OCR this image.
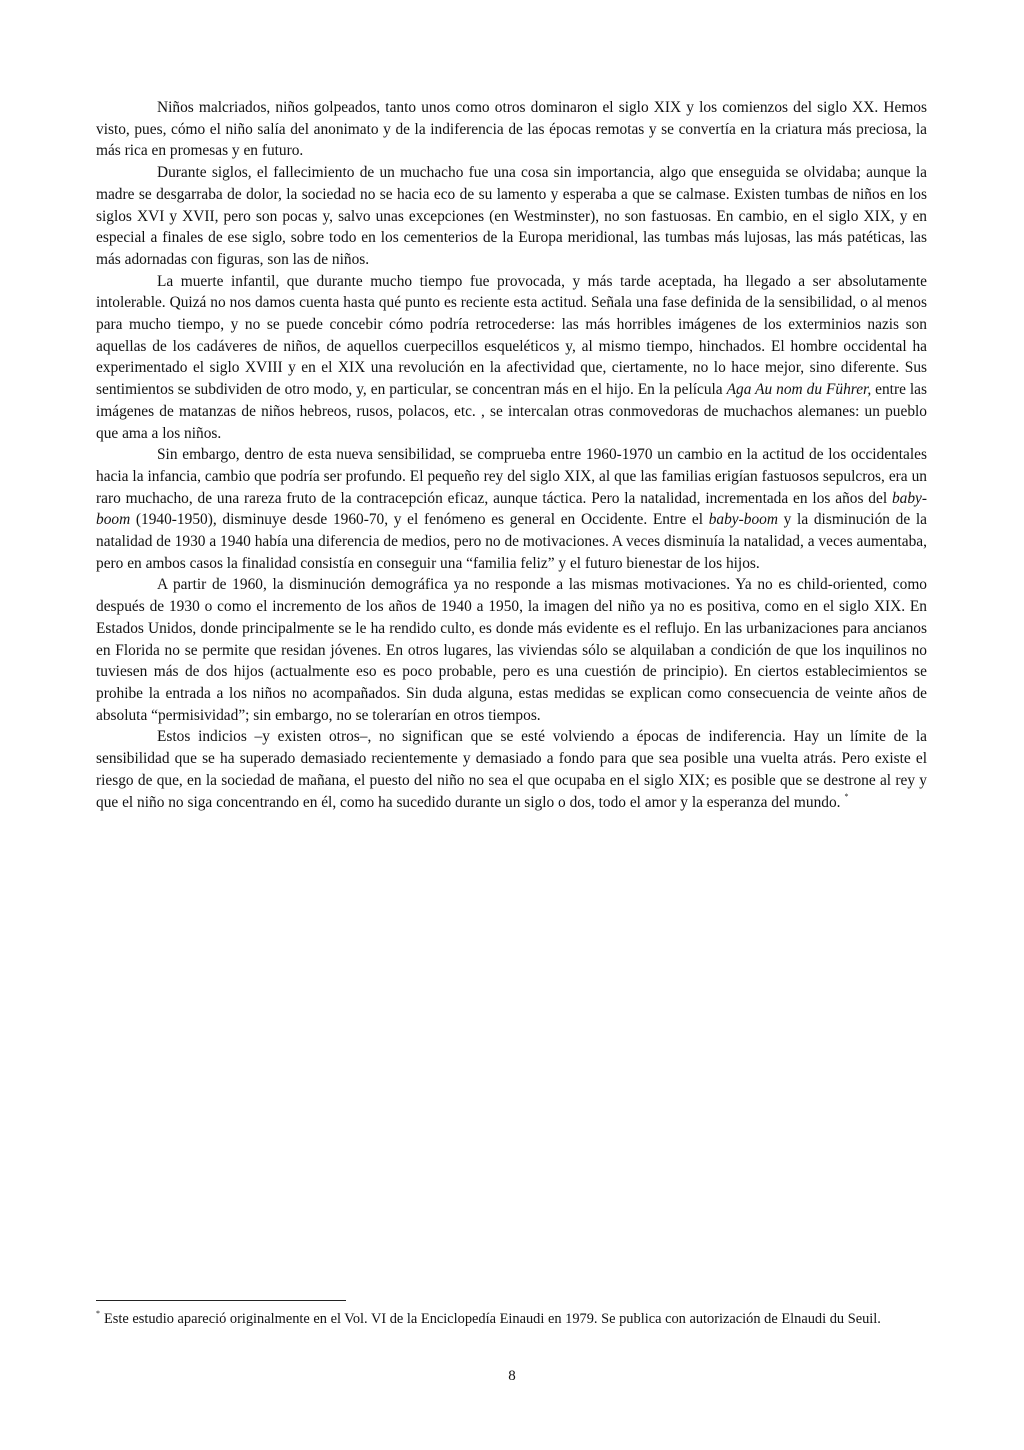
Niños malcriados, niños golpeados, tanto unos como otros dominaron el siglo XIX y los comienzos del siglo XX. Hemos visto, pues, cómo el niño salía del anonimato y de la indiferencia de las épocas remotas y se convertía en la criatura más preciosa, la más rica en promesas y en futuro.

Durante siglos, el fallecimiento de un muchacho fue una cosa sin importancia, algo que enseguida se olvidaba; aunque la madre se desgarraba de dolor, la sociedad no se hacia eco de su lamento y esperaba a que se calmase. Existen tumbas de niños en los siglos XVI y XVII, pero son pocas y, salvo unas excepciones (en Westminster), no son fastuosas. En cambio, en el siglo XIX, y en especial a finales de ese siglo, sobre todo en los cementerios de la Europa meridional, las tumbas más lujosas, las más patéticas, las más adornadas con figuras, son las de niños.

La muerte infantil, que durante mucho tiempo fue provocada, y más tarde aceptada, ha llegado a ser absolutamente intolerable. Quizá no nos damos cuenta hasta qué punto es reciente esta actitud. Señala una fase definida de la sensibilidad, o al menos para mucho tiempo, y no se puede concebir cómo podría retrocederse: las más horribles imágenes de los exterminios nazis son aquellas de los cadáveres de niños, de aquellos cuerpecillos esqueléticos y, al mismo tiempo, hinchados. El hombre occidental ha experimentado el siglo XVIII y en el XIX una revolución en la afectividad que, ciertamente, no lo hace mejor, sino diferente. Sus sentimientos se subdividen de otro modo, y, en particular, se concentran más en el hijo. En la película Aga Au nom du Führer, entre las imágenes de matanzas de niños hebreos, rusos, polacos, etc. , se intercalan otras conmovedoras de muchachos alemanes: un pueblo que ama a los niños.

Sin embargo, dentro de esta nueva sensibilidad, se comprueba entre 1960-1970 un cambio en la actitud de los occidentales hacia la infancia, cambio que podría ser profundo. El pequeño rey del siglo XIX, al que las familias erigían fastuosos sepulcros, era un raro muchacho, de una rareza fruto de la contracepción eficaz, aunque táctica. Pero la natalidad, incrementada en los años del baby-boom (1940-1950), disminuye desde 1960-70, y el fenómeno es general en Occidente. Entre el baby-boom y la disminución de la natalidad de 1930 a 1940 había una diferencia de medios, pero no de motivaciones. A veces disminuía la natalidad, a veces aumentaba, pero en ambos casos la finalidad consistía en conseguir una “familia feliz” y el futuro bienestar de los hijos.

A partir de 1960, la disminución demográfica ya no responde a las mismas motivaciones. Ya no es child-oriented, como después de 1930 o como el incremento de los años de 1940 a 1950, la imagen del niño ya no es positiva, como en el siglo XIX. En Estados Unidos, donde principalmente se le ha rendido culto, es donde más evidente es el reflujo. En las urbanizaciones para ancianos en Florida no se permite que residan jóvenes. En otros lugares, las viviendas sólo se alquilaban a condición de que los inquilinos no tuviesen más de dos hijos (actualmente eso es poco probable, pero es una cuestión de principio). En ciertos establecimientos se prohibe la entrada a los niños no acompañados. Sin duda alguna, estas medidas se explican como consecuencia de veinte años de absoluta “permisividad”; sin embargo, no se tolerarían en otros tiempos.

Estos indicios –y existen otros–, no significan que se esté volviendo a épocas de indiferencia. Hay un límite de la sensibilidad que se ha superado demasiado recientemente y demasiado a fondo para que sea posible una vuelta atrás. Pero existe el riesgo de que, en la sociedad de mañana, el puesto del niño no sea el que ocupaba en el siglo XIX; es posible que se destrone al rey y que el niño no siga concentrando en él, como ha sucedido durante un siglo o dos, todo el amor y la esperanza del mundo. *

* Este estudio apareció originalmente en el Vol. VI de la Enciclopedía Einaudi en 1979. Se publica con autorización de Elnaudi du Seuil.

8
